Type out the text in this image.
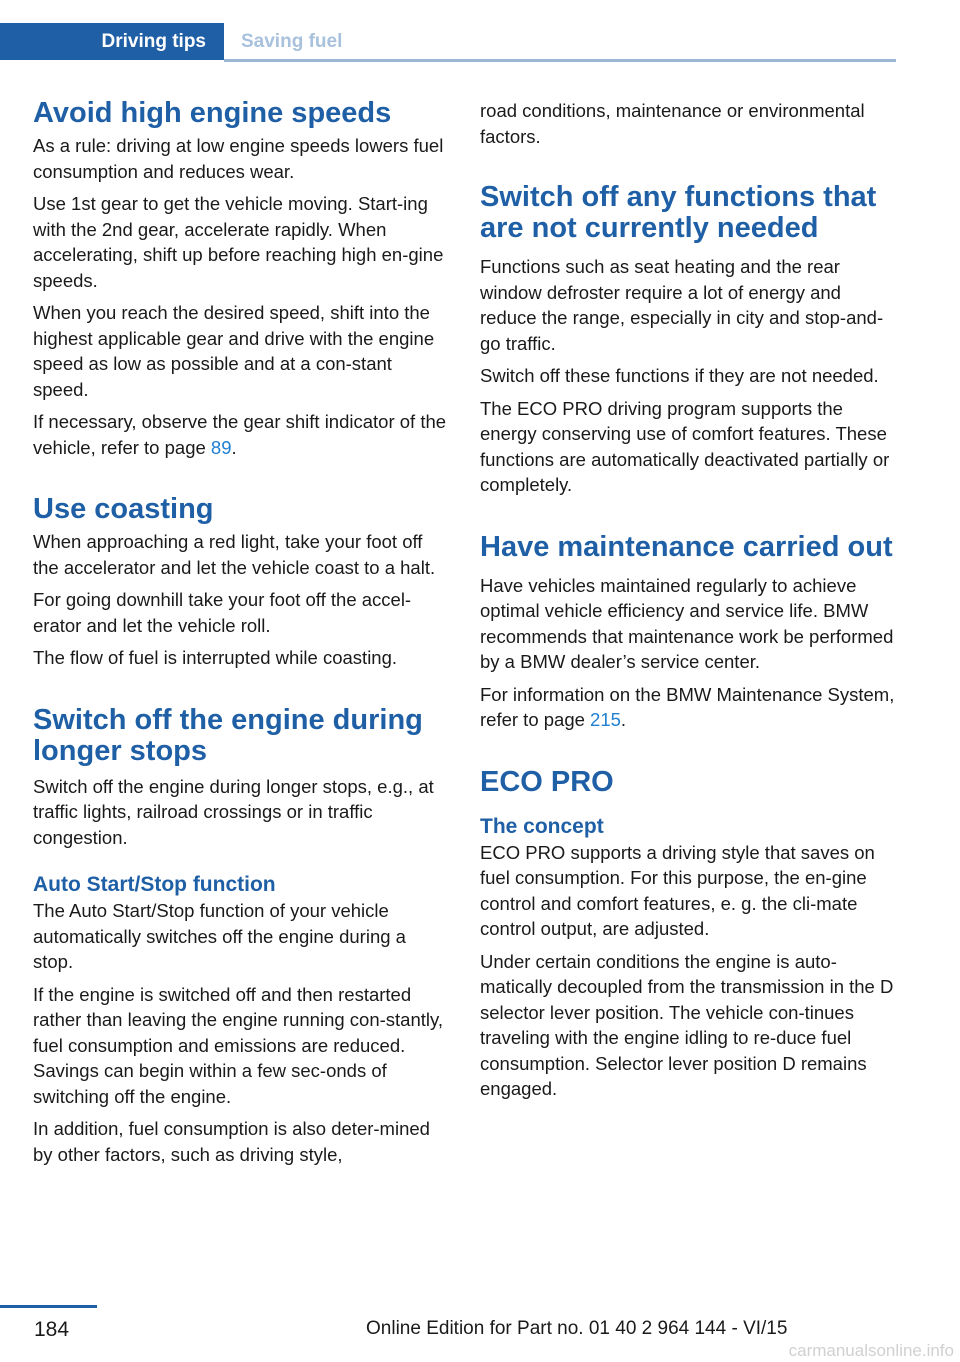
Driving tips Saving fuel
Avoid high engine speeds

As a rule: driving at low engine speeds lowers fuel consumption and reduces wear.

Use 1st gear to get the vehicle moving. Start-ing with the 2nd gear, accelerate rapidly. When accelerating, shift up before reaching high en-gine speeds.

When you reach the desired speed, shift into the highest applicable gear and drive with the engine speed as low as possible and at a con-stant speed.

If necessary, observe the gear shift indicator of the vehicle, refer to page 89.

Use coasting

When approaching a red light, take your foot off the accelerator and let the vehicle coast to a halt.

For going downhill take your foot off the accel-erator and let the vehicle roll.

The flow of fuel is interrupted while coasting.

Switch off the engine during longer stops

Switch off the engine during longer stops, e.g., at traffic lights, railroad crossings or in traffic congestion.

Auto Start/Stop function

The Auto Start/Stop function of your vehicle automatically switches off the engine during a stop.

If the engine is switched off and then restarted rather than leaving the engine running con-stantly, fuel consumption and emissions are reduced. Savings can begin within a few sec-onds of switching off the engine.

In addition, fuel consumption is also deter-mined by other factors, such as driving style,

road conditions, maintenance or environmental factors.

Switch off any functions that are not currently needed

Functions such as seat heating and the rear window defroster require a lot of energy and reduce the range, especially in city and stop-and-go traffic.

Switch off these functions if they are not needed.

The ECO PRO driving program supports the energy conserving use of comfort features. These functions are automatically deactivated partially or completely.

Have maintenance carried out

Have vehicles maintained regularly to achieve optimal vehicle efficiency and service life. BMW recommends that maintenance work be performed by a BMW dealer’s service center.

For information on the BMW Maintenance System, refer to page 215.

ECO PRO
The concept

ECO PRO supports a driving style that saves on fuel consumption. For this purpose, the en-gine control and comfort features, e. g. the cli-mate control output, are adjusted.

Under certain conditions the engine is auto-matically decoupled from the transmission in the D selector lever position. The vehicle con-tinues traveling with the engine idling to re-duce fuel consumption. Selector lever position D remains engaged.

184	Online Edition for Part no. 01 40 2 964 144 - VI/15
carmanualsonline.info
